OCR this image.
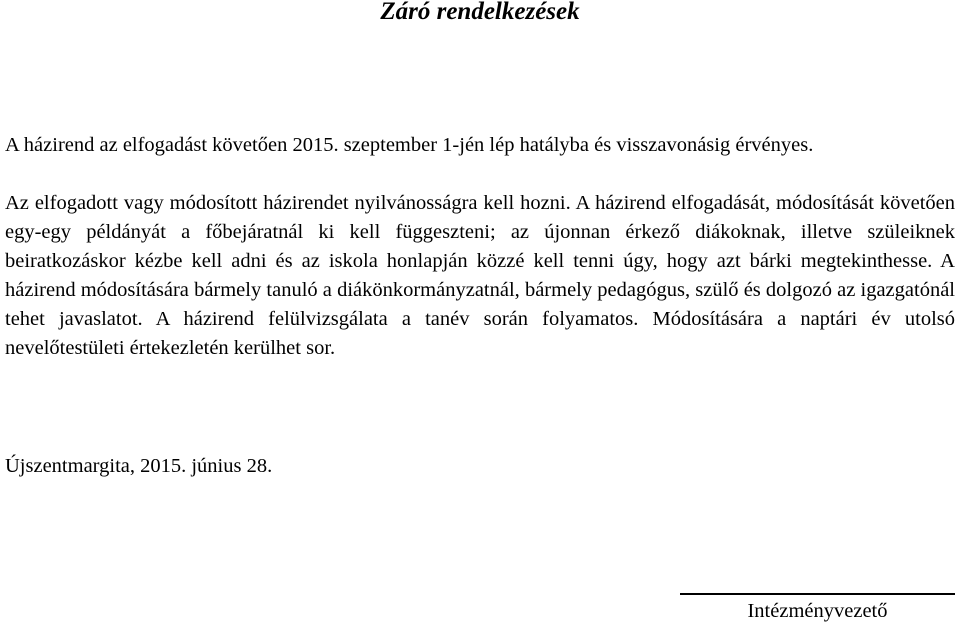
Záró rendelkezések

A házirend az elfogadást követően 2015. szeptember 1-jén lép hatályba és visszavonásig érvényes.

Az elfogadott vagy módosított házirendet nyilvánosságra kell hozni. A házirend elfogadását, módosítását követően egy-egy példányát a főbejáratnál ki kell függeszteni; az újonnan érkező diákoknak, illetve szüleiknek beiratkozáskor kézbe kell adni és az iskola honlapján közzé kell tenni úgy, hogy azt bárki megtekinthesse. A házirend módosítására bármely tanuló a diákönkormányzatnál, bármely pedagógus, szülő és dolgozó az igazgatónál tehet javaslatot. A házirend felülvizsgálata a tanév során folyamatos. Módosítására a naptári év utolsó nevelőtestületi értekezletén kerülhet sor.

Újszentmargita, 2015. június 28.

Intézményvezető
